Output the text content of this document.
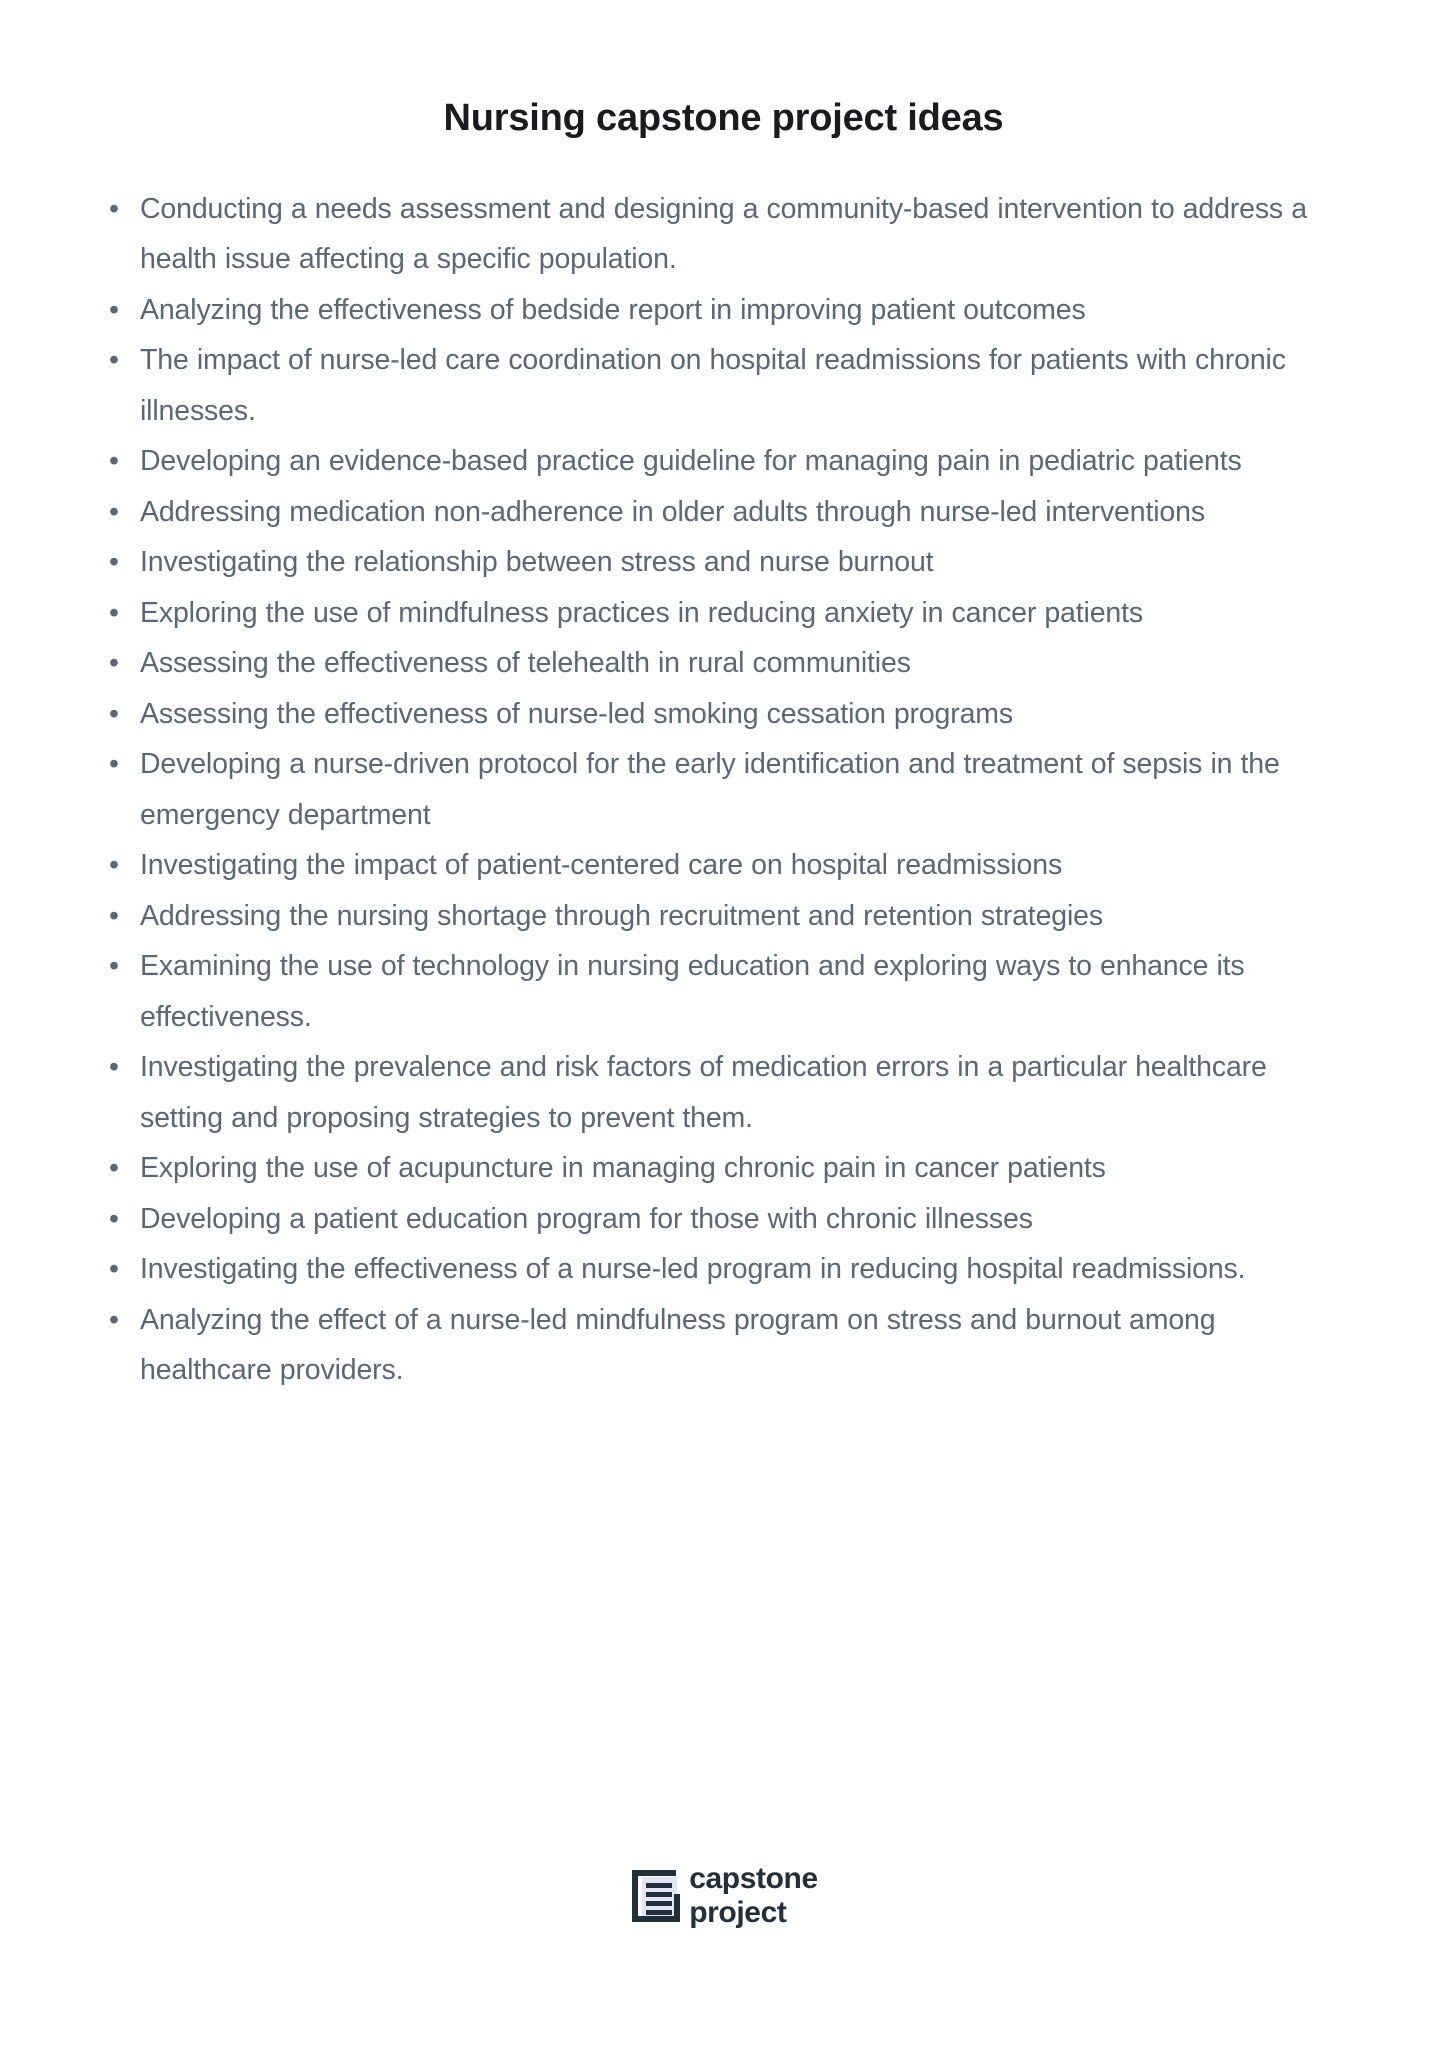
Nursing capstone project ideas
• Conducting a needs assessment and designing a community-based intervention to address a health issue affecting a specific population.
• Analyzing the effectiveness of bedside report in improving patient outcomes
• The impact of nurse-led care coordination on hospital readmissions for patients with chronic illnesses.
• Developing an evidence-based practice guideline for managing pain in pediatric patients
• Addressing medication non-adherence in older adults through nurse-led interventions
• Investigating the relationship between stress and nurse burnout
• Exploring the use of mindfulness practices in reducing anxiety in cancer patients
• Assessing the effectiveness of telehealth in rural communities
• Assessing the effectiveness of nurse-led smoking cessation programs
• Developing a nurse-driven protocol for the early identification and treatment of sepsis in the emergency department
• Investigating the impact of patient-centered care on hospital readmissions
• Addressing the nursing shortage through recruitment and retention strategies
• Examining the use of technology in nursing education and exploring ways to enhance its effectiveness.
• Investigating the prevalence and risk factors of medication errors in a particular healthcare setting and proposing strategies to prevent them.
• Exploring the use of acupuncture in managing chronic pain in cancer patients
• Developing a patient education program for those with chronic illnesses
• Investigating the effectiveness of a nurse-led program in reducing hospital readmissions.
• Analyzing the effect of a nurse-led mindfulness program on stress and burnout among healthcare providers.
capstone
project
